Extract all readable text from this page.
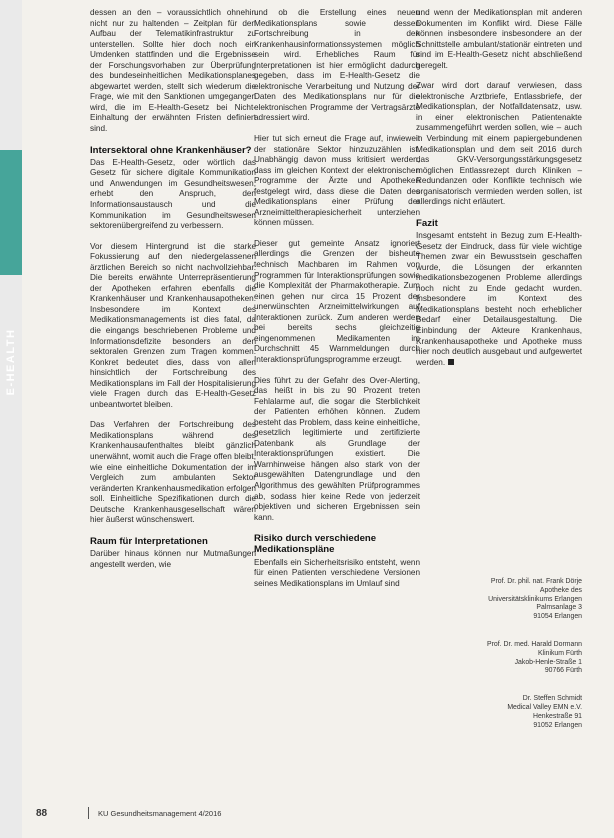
E-HEALTH

dessen an den – voraussichtlich ohnehin nicht nur zu haltenden – Zeitplan für den Aufbau der Telematikinfrastruktur zu unterstellen. Sollte hier doch noch ein Umdenken stattfinden und die Ergebnisse der Forschungsvorhaben zur Überprüfung des bundeseinheitlichen Medikationsplanes abgewartet werden, stellt sich wiederum die Frage, wie mit den Sanktionen umgegangen wird, die im E-Health-Gesetz bei Nicht-Einhaltung der erwähnten Fristen definiert sind.

Intersektoral ohne Krankenhäuser?

Das E-Health-Gesetz, oder wörtlich das Gesetz für sichere digitale Kommunikation und Anwendungen im Gesundheitswesen, erhebt den Anspruch, den Informationsaustausch und die Kommunikation im Gesundheitswesen sektorenübergreifend zu verbessern.

Vor diesem Hintergrund ist die starke Fokussierung auf den niedergelassenen ärztlichen Bereich so nicht nachvollziehbar. Die bereits erwähnte Unterrepräsentierung der Apotheken erfahren ebenfalls die Krankenhäuser und Krankenhausapotheken. Insbesondere im Kontext des Medikationsmanagements ist dies fatal, da die eingangs beschriebenen Probleme und Informationsdefizite besonders an den sektoralen Grenzen zum Tragen kommen. Konkret bedeutet dies, dass von allen hinsichtlich der Fortschreibung des Medikationsplans im Fall der Hospitalisierung viele Fragen durch das E-Health-Gesetz unbeantwortet bleiben.

Das Verfahren der Fortschreibung des Medikationsplans während des Krankenhausaufenthaltes bleibt gänzlich unerwähnt, womit auch die Frage offen bleibt, wie eine einheitliche Dokumentation der im Vergleich zum ambulanten Sektor veränderten Krankenhausmedikation erfolgen soll. Einheitliche Spezifikationen durch die Deutsche Krankenhausgesellschaft wären hier äußerst wünschenswert.

Raum für Interpretationen

Darüber hinaus können nur Mutmaßungen angestellt werden, wie

und ob die Erstellung eines neuen Medikationsplans sowie dessen Fortschreibung in den Krankenhausinformationssystemen möglich sein wird. Erhebliches Raum für Interpretationen ist hier ermöglicht dadurch gegeben, dass im E-Health-Gesetz die elektronische Verarbeitung und Nutzung der Daten des Medikationsplans nur für die elektronischen Programme der Vertragsärzte adressiert wird.

Hier tut sich erneut die Frage auf, inwieweit der stationäre Sektor hinzuzuzählen ist. Unabhängig davon muss kritisiert werden, dass im gleichen Kontext der elektronischen Programme der Ärzte und Apotheken festgelegt wird, dass diese die Daten des Medikationsplans einer Prüfung der Arzneimitteltherapiesicherheit unterziehen können müssen.

Dieser gut gemeinte Ansatz ignoriert allerdings die Grenzen der bisheute technisch Machbaren im Rahmen von Programmen für Interaktionsprüfungen sowie die Komplexität der Pharmakotherapie. Zum einen gehen nur circa 15 Prozent der unerwünschten Arzneimittelwirkungen auf Interaktionen zurück. Zum anderen werden bei bereits sechs gleichzeitig eingenommenen Medikamenten im Durchschnitt 45 Warnmeldungen durch Interaktionsprüfungsprogramme erzeugt.

Dies führt zu der Gefahr des Over-Alerting, das heißt in bis zu 90 Prozent treten Fehlalarme auf, die sogar die Sterblichkeit der Patienten erhöhen können. Zudem besteht das Problem, dass keine einheitliche, gesetzlich legitimierte und zertifizierte Datenbank als Grundlage der Interaktionsprüfungen existiert. Die Warnhinweise hängen also stark von der ausgewählten Datengrundlage und den Algorithmus des gewählten Prüfprogrammes ab, sodass hier keine Rede von jederzeit objektiven und sicheren Ergebnissen sein kann.

Risiko durch verschiedene Medikationspläne

Ebenfalls ein Sicherheitsrisiko entsteht, wenn für einen Patienten verschiedene Versionen seines Medikationsplans im Umlauf sind

und wenn der Medikationsplan mit anderen Dokumenten im Konflikt wird. Diese Fälle können insbesondere insbesondere an der Schnittstelle ambulant/stationär eintreten und sind im E-Health-Gesetz nicht abschließend geregelt.

Zwar wird dort darauf verwiesen, dass elektronische Arztbriefe, Entlassbriefe, der Medikationsplan, der Notfalldatensatz, usw. in einer elektronischen Patientenakte zusammengeführt werden sollen, wie – auch in Verbindung mit einem papiergebundenen Medikationsplan und dem seit 2016 durch das GKV-Versorgungsstärkungsgesetz möglichen Entlassrezept durch Kliniken – Redundanzen oder Konflikte technisch wie organisatorisch vermieden werden sollen, ist allerdings nicht erläutert.

Fazit

Insgesamt entsteht in Bezug zum E-Health-Gesetz der Eindruck, dass für viele wichtige Themen zwar ein Bewusstsein geschaffen wurde, die Lösungen der erkannten medikationsbezogenen Probleme allerdings noch nicht zu Ende gedacht wurden. Insbesondere im Kontext des Medikationsplans besteht noch erheblicher Bedarf einer Detailausgestaltung. Die Einbindung der Akteure Krankenhaus, Krankenhausapotheke und Apotheke muss hier noch deutlich ausgebaut und aufgewertet werden.

Prof. Dr. phil. nat. Frank Dörje
Apotheke des
Universitätsklinikums Erlangen
Palmsanlage 3
91054 Erlangen
Prof. Dr. med. Harald Dormann
Klinikum Fürth
Jakob-Henle-Straße 1
90766 Fürth
Dr. Steffen Schmidt
Medical Valley EMN e.V.
Henkestraße 91
91052 Erlangen
88	KU Gesundheitsmanagement 4/2016
